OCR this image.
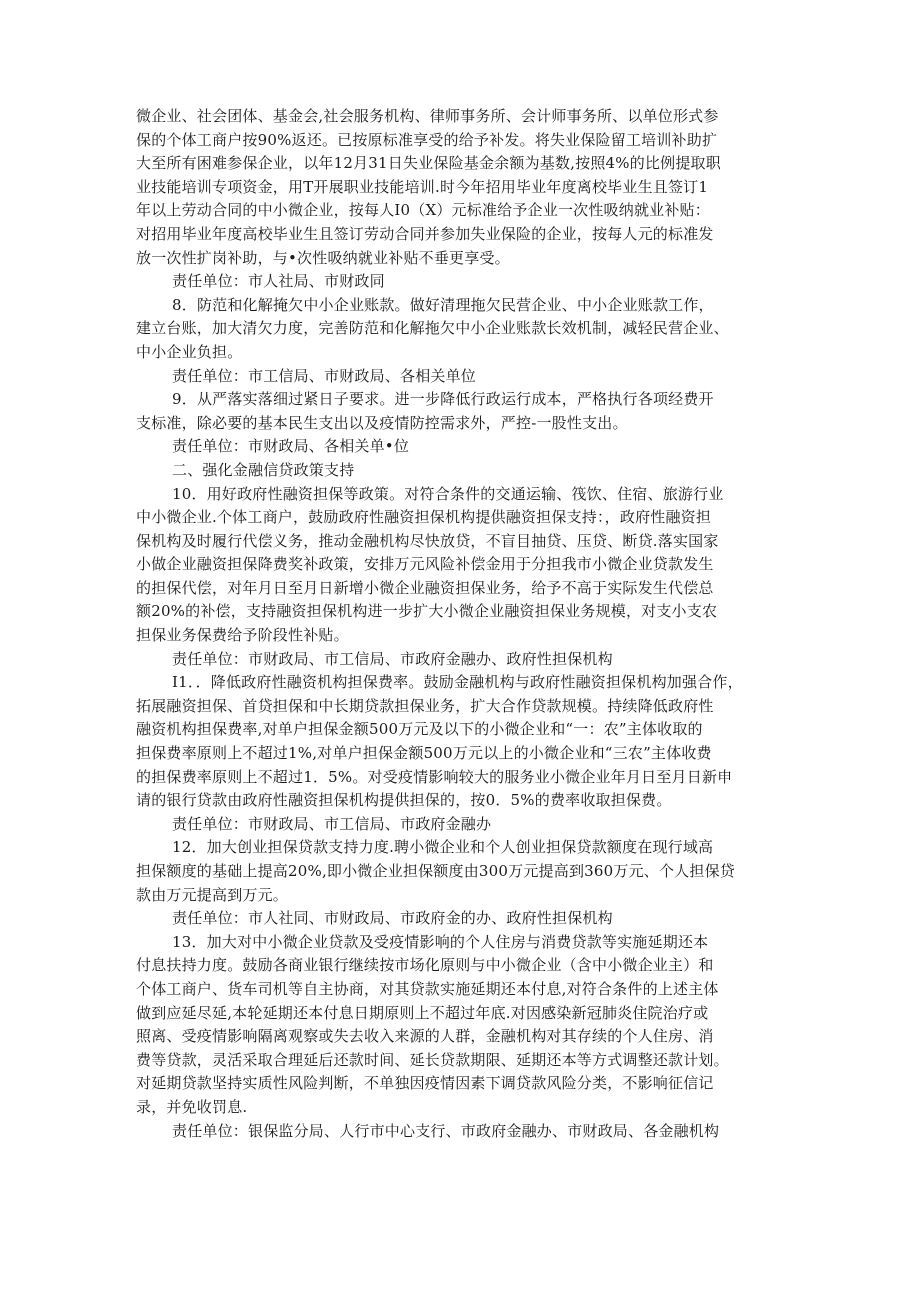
微企业、社会团体、基金会,社会服务机构、律师事务所、会计师事务所、以单位形式参
保的个体工商户按90%返还。已按原标准享受的给予补发。将失业保险留工培训补助扩
大至所有困难参保企业，以年12月31日失业保险基金余额为基数,按照4%的比例提取职
业技能培训专项资金，用T开展职业技能培训.时今年招用毕业年度离校毕业生且签订1
年以上劳动合同的中小微企业，按每人I0（X）元标准给予企业一次性吸纳就业补贴：
对招用毕业年度高校毕业生且签订劳动合同并参加失业保险的企业，按每人元的标准发
放一次性扩岗补助，与•次性吸纳就业补贴不垂更享受。
责任单位：市人社局、市财政同
8．防范和化解掩欠中小企业账款。做好清理拖欠民营企业、中小企业账款工作，
建立台账，加大清欠力度，完善防范和化解拖欠中小企业账款长效机制，减轻民营企业、
中小企业负担。
责任单位：市工信局、市财政局、各相关单位
9．从严落实落细过紧日子要求。进一步降低行政运行成本，严格执行各项经费开
支标准，除必要的基本民生支出以及疫情防控需求外，严控-一股性支出。
责任单位：市财政局、各相关单•位
二、强化金融信贷政策支持
10．用好政府性融资担保等政策。对符合条件的交通运输、筏饮、住宿、旅游行业
中小微企业.个体工商户，鼓励政府性融资担保机构提供融资担保支持：，政府性融资担
保机构及时履行代偿义务，推动金融机构尽快放贷，不盲目抽贷、压贷、断贷.落实国家
小做企业融资担保降费奖补政策，安排万元风险补偿金用于分担我市小微企业贷款发生
的担保代偿，对年月日至月日新增小微企业融资担保业务，给予不高于实际发生代偿总
额20%的补偿，支持融资担保机构进一步扩大小微企业融资担保业务规模，对支小支农
担保业务保费给予阶段性补贴。
责任单位：市财政局、市工信局、市政府金融办、政府性担保机构
I1．．降低政府性融资机构担保费率。鼓励金融机构与政府性融资担保机构加强合作，
拓展融资担保、首贷担保和中长期贷款担保业务，扩大合作贷款规模。持续降低政府性
融资机构担保费率,对单户担保金额500万元及以下的小微企业和“一：农”主体收取的
担保费率原则上不超过1%,对单户担保金额500万元以上的小微企业和“三农”主体收费
的担保费率原则上不超过1．5%。对受疫情影响较大的服务业小微企业年月日至月日新申
请的银行贷款由政府性融资担保机构提供担保的，按0．5%的费率收取担保费。
责任单位：市财政局、市工信局、市政府金融办
12．加大创业担保贷款支持力度.聘小微企业和个人创业担保贷款额度在现行域高
担保额度的基础上提高20%,即小微企业担保额度由300万元提高到360万元、个人担保贷
款由万元提高到万元。
责任单位：市人社同、市财政局、市政府金的办、政府性担保机构
13．加大对中小微企业贷款及受疫情影响的个人住房与消费贷款等实施延期还本
付息扶持力度。鼓励各商业银行继续按市场化原则与中小微企业（含中小微企业主）和
个体工商户、货车司机等自主协商，对其贷款实施延期还本付息,对符合条件的上述主体
做到应延尽延,本轮延期还本付息日期原则上不超过年底.对因感染新冠肺炎住院治疗或
照离、受疫情影响隔离观察或失去收入来源的人群，金融机构对其存续的个人住房、消
费等贷款，灵活采取合理延后还款时间、延长贷款期限、延期还本等方式调整还款计划。
对延期贷款坚持实质性风险判断，不单独因疫情因素下调贷款风险分类，不影响征信记
录，并免收罚息.
责任单位：银保监分局、人行市中心支行、市政府金融办、市财政局、各金融机构
